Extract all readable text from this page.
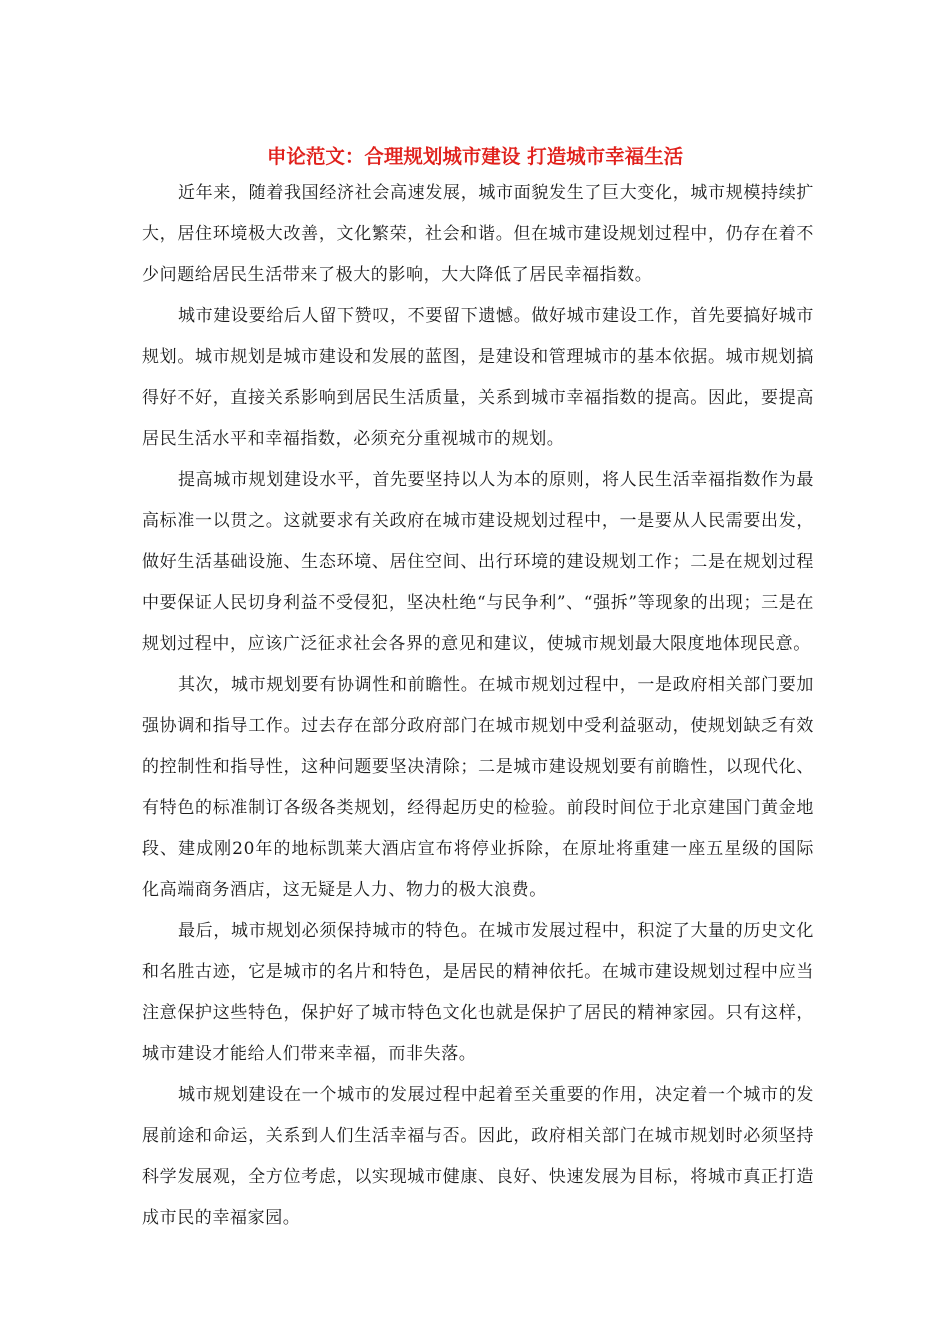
申论范文：合理规划城市建设 打造城市幸福生活

近年来，随着我国经济社会高速发展，城市面貌发生了巨大变化，城市规模持续扩大，居住环境极大改善，文化繁荣，社会和谐。但在城市建设规划过程中，仍存在着不少问题给居民生活带来了极大的影响，大大降低了居民幸福指数。

城市建设要给后人留下赞叹，不要留下遗憾。做好城市建设工作，首先要搞好城市规划。城市规划是城市建设和发展的蓝图，是建设和管理城市的基本依据。城市规划搞得好不好，直接关系影响到居民生活质量，关系到城市幸福指数的提高。因此，要提高居民生活水平和幸福指数，必须充分重视城市的规划。

提高城市规划建设水平，首先要坚持以人为本的原则，将人民生活幸福指数作为最高标准一以贯之。这就要求有关政府在城市建设规划过程中，一是要从人民需要出发，做好生活基础设施、生态环境、居住空间、出行环境的建设规划工作；二是在规划过程中要保证人民切身利益不受侵犯，坚决杜绝“与民争利”、“强拆”等现象的出现；三是在规划过程中，应该广泛征求社会各界的意见和建议，使城市规划最大限度地体现民意。

其次，城市规划要有协调性和前瞻性。在城市规划过程中，一是政府相关部门要加强协调和指导工作。过去存在部分政府部门在城市规划中受利益驱动，使规划缺乏有效的控制性和指导性，这种问题要坚决清除；二是城市建设规划要有前瞻性，以现代化、有特色的标准制订各级各类规划，经得起历史的检验。前段时间位于北京建国门黄金地段、建成刚20年的地标凯莱大酒店宣布将停业拆除，在原址将重建一座五星级的国际化高端商务酒店，这无疑是人力、物力的极大浪费。

最后，城市规划必须保持城市的特色。在城市发展过程中，积淀了大量的历史文化和名胜古迹，它是城市的名片和特色，是居民的精神依托。在城市建设规划过程中应当注意保护这些特色，保护好了城市特色文化也就是保护了居民的精神家园。只有这样，城市建设才能给人们带来幸福，而非失落。

城市规划建设在一个城市的发展过程中起着至关重要的作用，决定着一个城市的发展前途和命运，关系到人们生活幸福与否。因此，政府相关部门在城市规划时必须坚持科学发展观，全方位考虑，以实现城市健康、良好、快速发展为目标，将城市真正打造成市民的幸福家园。
